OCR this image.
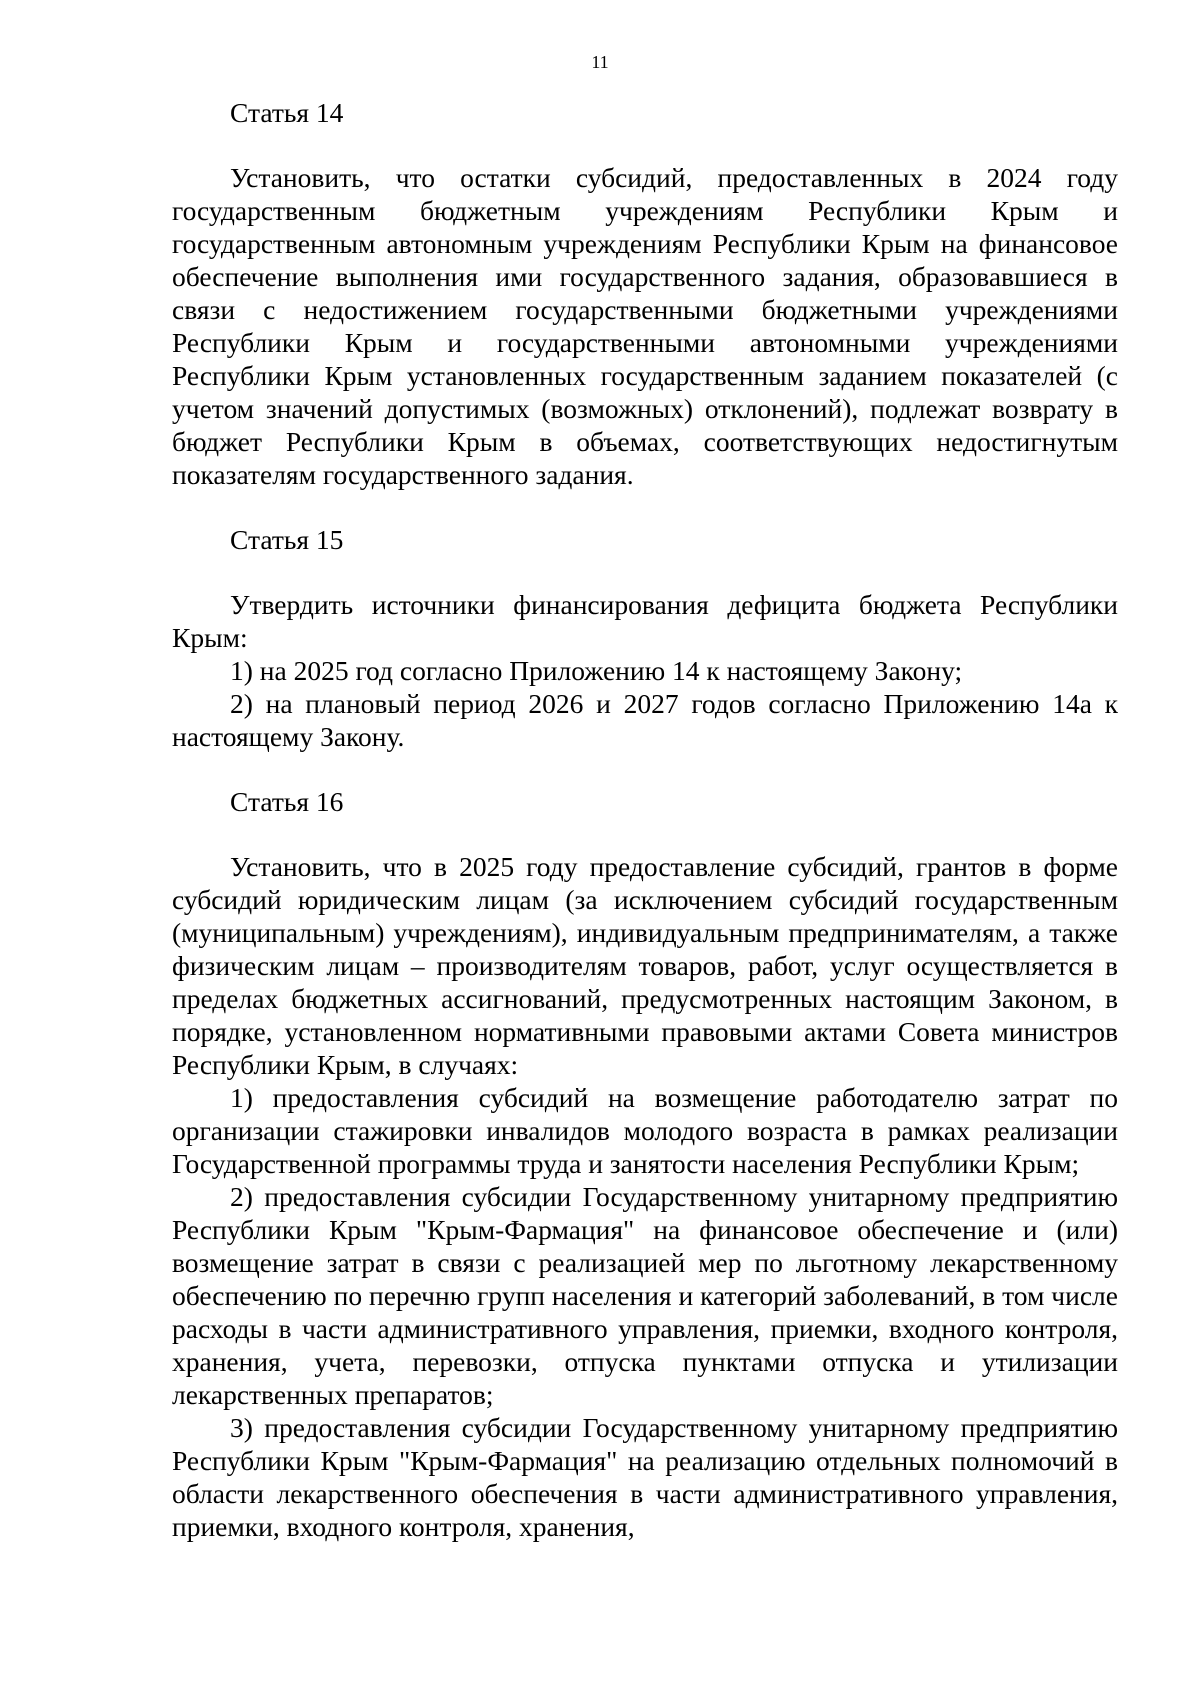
11

Статья 14

Установить, что остатки субсидий, предоставленных в 2024 году государственным бюджетным учреждениям Республики Крым и государственным автономным учреждениям Республики Крым на финансовое обеспечение выполнения ими государственного задания, образовавшиеся в связи с недостижением государственными бюджетными учреждениями Республики Крым и государственными автономными учреждениями Республики Крым установленных государственным заданием показателей (с учетом значений допустимых (возможных) отклонений), подлежат возврату в бюджет Республики Крым в объемах, соответствующих недостигнутым показателям государственного задания.

Статья 15

Утвердить источники финансирования дефицита бюджета Республики Крым:

1) на 2025 год согласно Приложению 14 к настоящему Закону;

2) на плановый период 2026 и 2027 годов согласно Приложению 14а к настоящему Закону.

Статья 16

Установить, что в 2025 году предоставление субсидий, грантов в форме субсидий юридическим лицам (за исключением субсидий государственным (муниципальным) учреждениям), индивидуальным предпринимателям, а также физическим лицам – производителям товаров, работ, услуг осуществляется в пределах бюджетных ассигнований, предусмотренных настоящим Законом, в порядке, установленном нормативными правовыми актами Совета министров Республики Крым, в случаях:

1) предоставления субсидий на возмещение работодателю затрат по организации стажировки инвалидов молодого возраста в рамках реализации Государственной программы труда и занятости населения Республики Крым;

2) предоставления субсидии Государственному унитарному предприятию Республики Крым "Крым-Фармация" на финансовое обеспечение и (или) возмещение затрат в связи с реализацией мер по льготному лекарственному обеспечению по перечню групп населения и категорий заболеваний, в том числе расходы в части административного управления, приемки, входного контроля, хранения, учета, перевозки, отпуска пунктами отпуска и утилизации лекарственных препаратов;

3) предоставления субсидии Государственному унитарному предприятию Республики Крым "Крым-Фармация" на реализацию отдельных полномочий в области лекарственного обеспечения в части административного управления, приемки, входного контроля, хранения,
